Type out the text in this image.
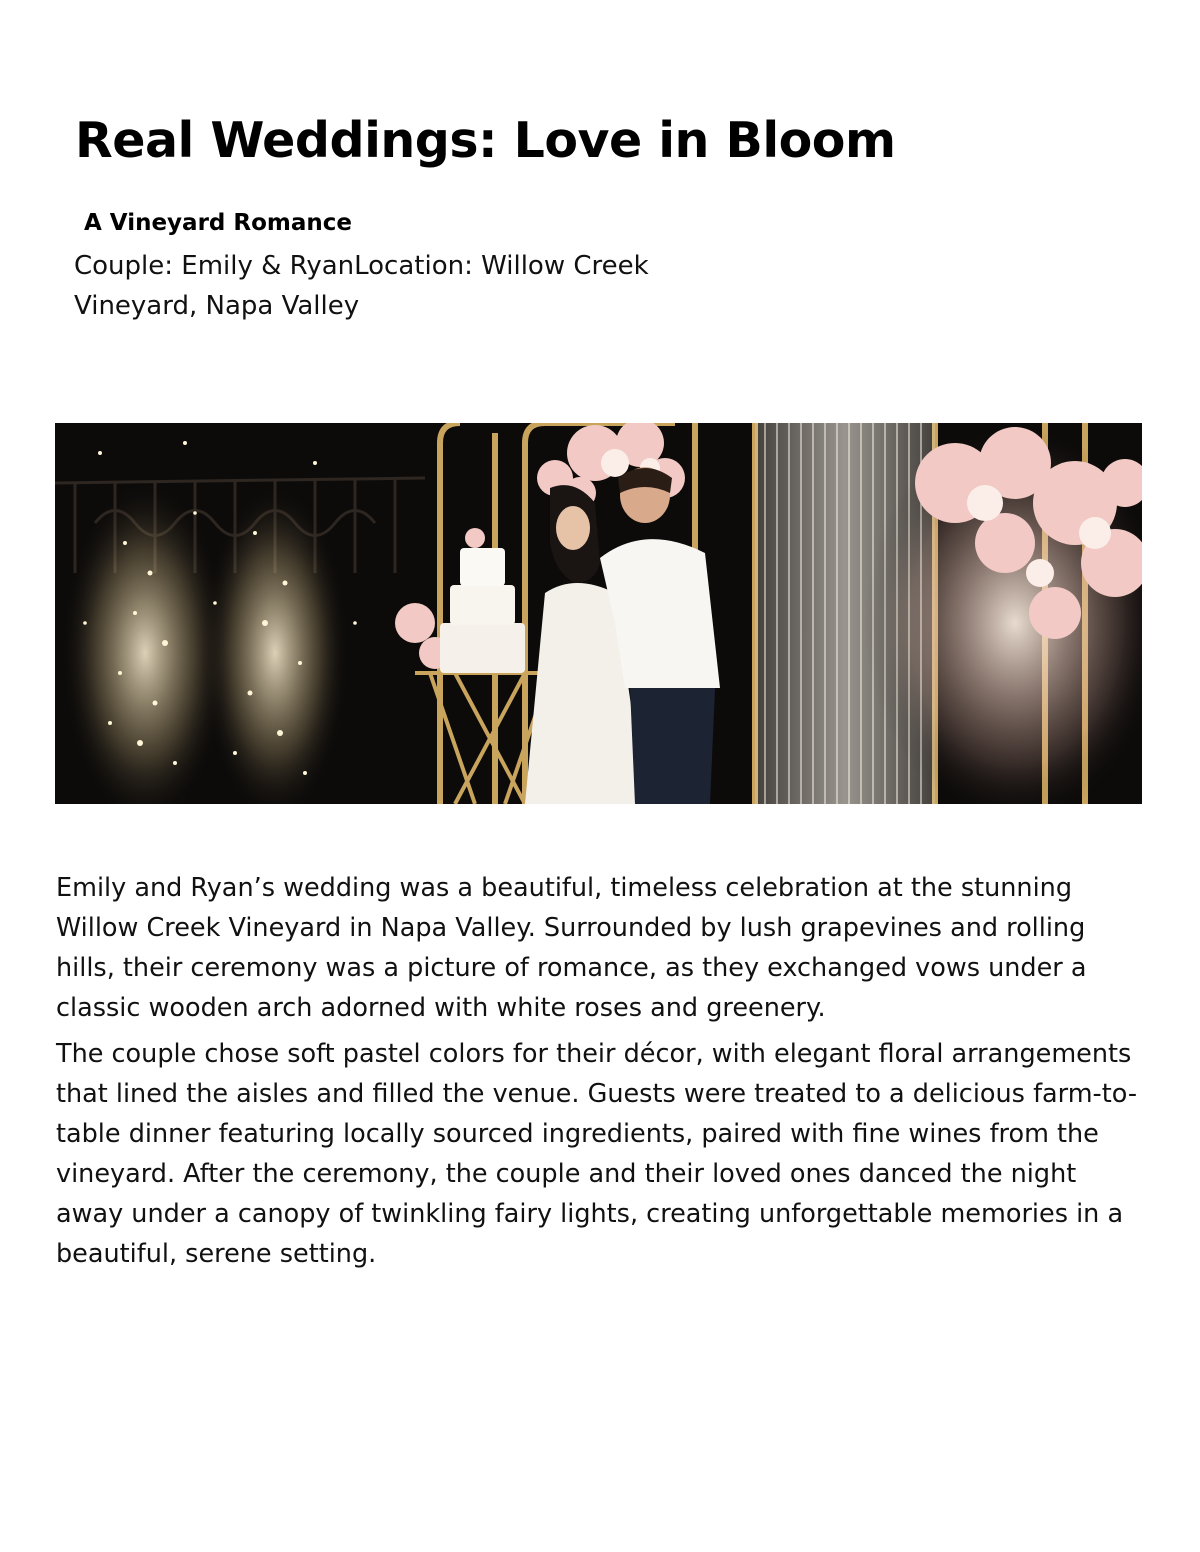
Real Weddings: Love in Bloom
A Vineyard Romance

Couple: Emily & RyanLocation: Willow Creek Vineyard, Napa Valley

Emily and Ryan’s wedding was a beautiful, timeless celebration at the stunning Willow Creek Vineyard in Napa Valley. Surrounded by lush grapevines and rolling hills, their ceremony was a picture of romance, as they exchanged vows under a classic wooden arch adorned with white roses and greenery.

The couple chose soft pastel colors for their décor, with elegant floral arrangements that lined the aisles and filled the venue. Guests were treated to a delicious farm-to-table dinner featuring locally sourced ingredients, paired with fine wines from the vineyard. After the ceremony, the couple and their loved ones danced the night away under a canopy of twinkling fairy lights, creating unforgettable memories in a beautiful, serene setting.
